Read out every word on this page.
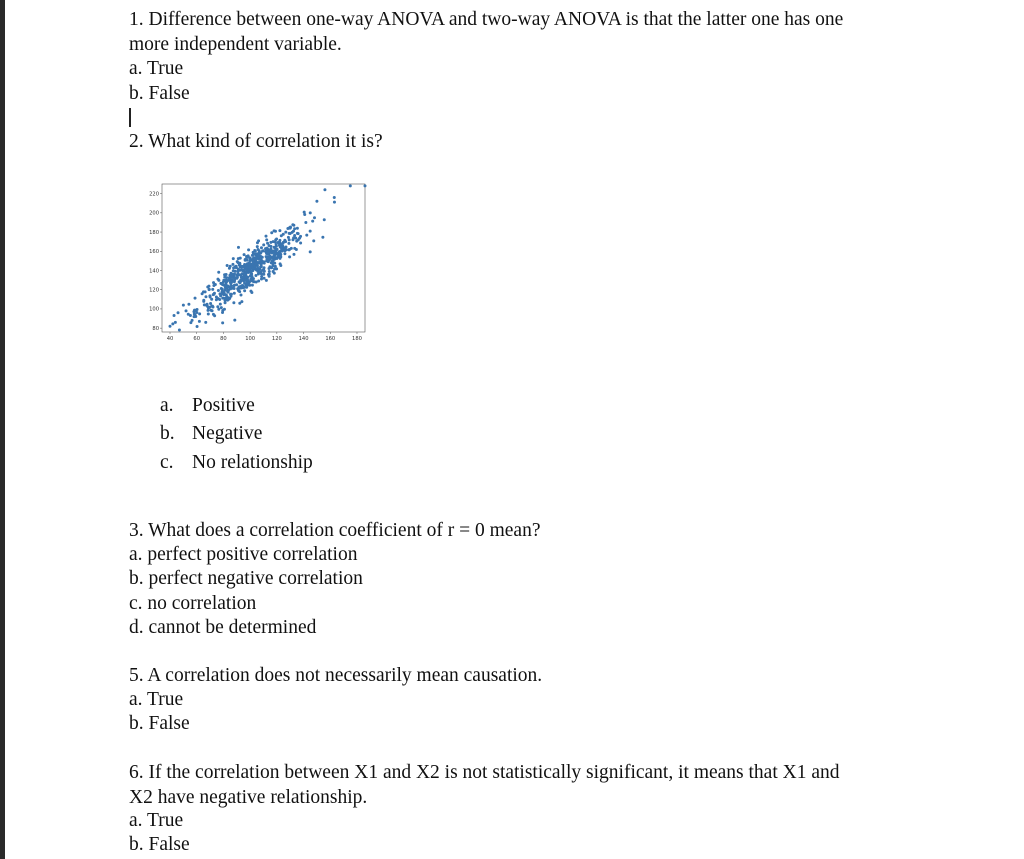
1. Difference between one-way ANOVA and two-way ANOVA is that the latter one has one
more independent variable.
a. True
b. False
2. What kind of correlation it is?
80
100
120
140
160
180
200
220
40	60	80	100	120	140	160	180
a. Positive
b. Negative
c. No relationship
3. What does a correlation coefficient of r = 0 mean?
a. perfect positive correlation
b. perfect negative correlation
c. no correlation
d. cannot be determined
5. A correlation does not necessarily mean causation.
a. True
b. False
6. If the correlation between X1 and X2 is not statistically significant, it means that X1 and
X2 have negative relationship.
a. True
b. False
